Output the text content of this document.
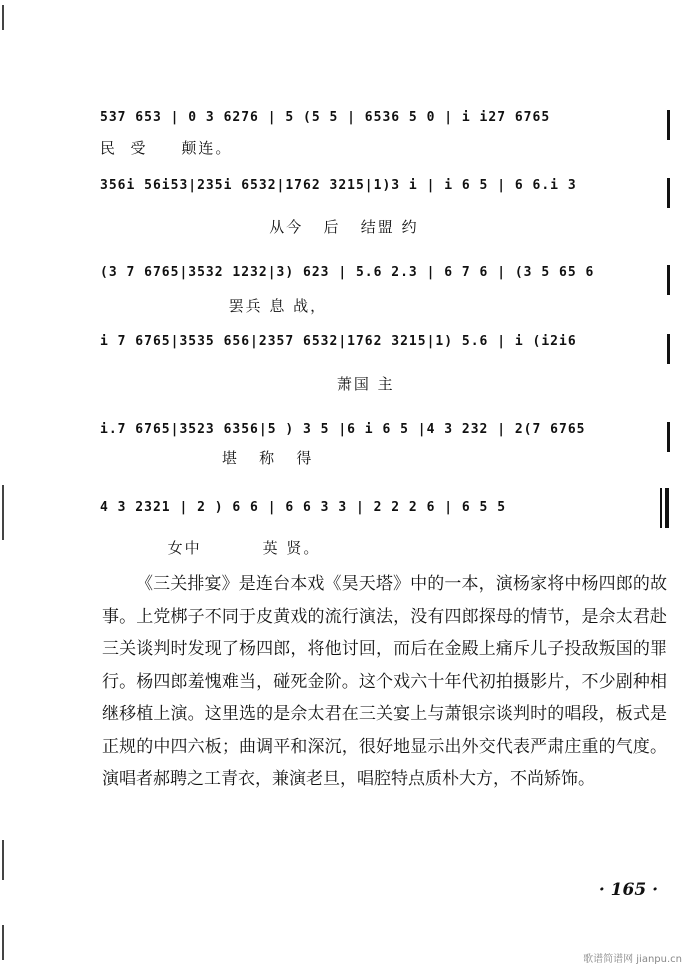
537 653 | 0 3 6276 | 5 (5 5 | 6536 5 0 | i i27 6765
民  受     颠连。
356i 56i53|235i 6532|1762 3215|1)3 i | i 6 5 | 6 6.i 3
从今   后   结盟 约
(3 7 6765|3532 1232|3) 623 | 5.6 2.3 | 6 7 6 | (3 5 65 6
罢兵 息 战，
i 7 6765|3535 656|2357 6532|1762 3215|1) 5.6 | i (i2i6
萧国 主
i.7 6765|3523 6356|5 ) 3 5 |6 i 6 5 |4 3 232 | 2(7 6765
堪   称   得
4 3 2321 | 2 ) 6 6 | 6 6 3 3 | 2 2 2 6 | 6 5 5
女中         英 贤。

《三关排宴》是连台本戏《昊天塔》中的一本，演杨家将中杨四郎的故事。上党梆子不同于皮黄戏的流行演法，没有四郎探母的情节，是佘太君赴三关谈判时发现了杨四郎，将他讨回，而后在金殿上痛斥儿子投敌叛国的罪行。杨四郎羞愧难当，碰死金阶。这个戏六十年代初拍摄影片，不少剧种相继移植上演。这里选的是佘太君在三关宴上与萧银宗谈判时的唱段，板式是正规的中四六板；曲调平和深沉，很好地显示出外交代表严肃庄重的气度。演唱者郝聘之工青衣，兼演老旦，唱腔特点质朴大方，不尚矫饰。

· 165 ·
歌谱简谱网 jianpu.cn
